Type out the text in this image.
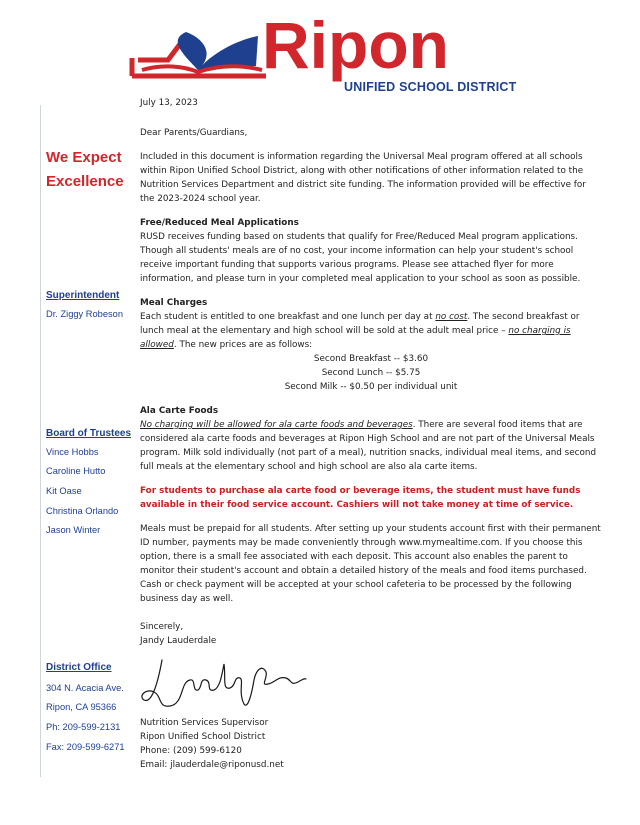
Ripon
UNIFIED SCHOOL DISTRICT
We Expect
Excellence
Superintendent
Dr. Ziggy Robeson
Board of Trustees
Vince Hobbs
Caroline Hutto
Kit Oase
Christina Orlando
Jason Winter
District Office
304 N. Acacia Ave.
Ripon, CA 95366
Ph: 209-599-2131
Fax: 209-599-6271

July 13, 2023

Dear Parents/Guardians,

Included in this document is information regarding the Universal Meal program offered at all schools within Ripon Unified School District, along with other notifications of other information related to the Nutrition Services Department and district site funding. The information provided will be effective for the 2023-2024 school year.

Free/Reduced Meal Applications

RUSD receives funding based on students that qualify for Free/Reduced Meal program applications. Though all students' meals are of no cost, your income information can help your student's school receive important funding that supports various programs. Please see attached flyer for more information, and please turn in your completed meal application to your school as soon as possible.

Meal Charges

Each student is entitled to one breakfast and one lunch per day at no cost. The second breakfast or lunch meal at the elementary and high school will be sold at the adult meal price – no charging is allowed. The new prices are as follows:

Second Breakfast -- $3.60

Second Lunch -- $5.75

Second Milk -- $0.50 per individual unit

Ala Carte Foods

No charging will be allowed for ala carte foods and beverages. There are several food items that are considered ala carte foods and beverages at Ripon High School and are not part of the Universal Meals program. Milk sold individually (not part of a meal), nutrition snacks, individual meal items, and second full meals at the elementary school and high school are also ala carte items.

For students to purchase ala carte food or beverage items, the student must have funds available in their food service account. Cashiers will not take money at time of service.

Meals must be prepaid for all students. After setting up your students account first with their permanent ID number, payments may be made conveniently through www.mymealtime.com. If you choose this option, there is a small fee associated with each deposit. This account also enables the parent to monitor their student's account and obtain a detailed history of the meals and food items purchased. Cash or check payment will be accepted at your school cafeteria to be processed by the following business day as well.

Sincerely,

Jandy Lauderdale

Nutrition Services Supervisor

Ripon Unified School District

Phone: (209) 599-6120

Email: jlauderdale@riponusd.net
